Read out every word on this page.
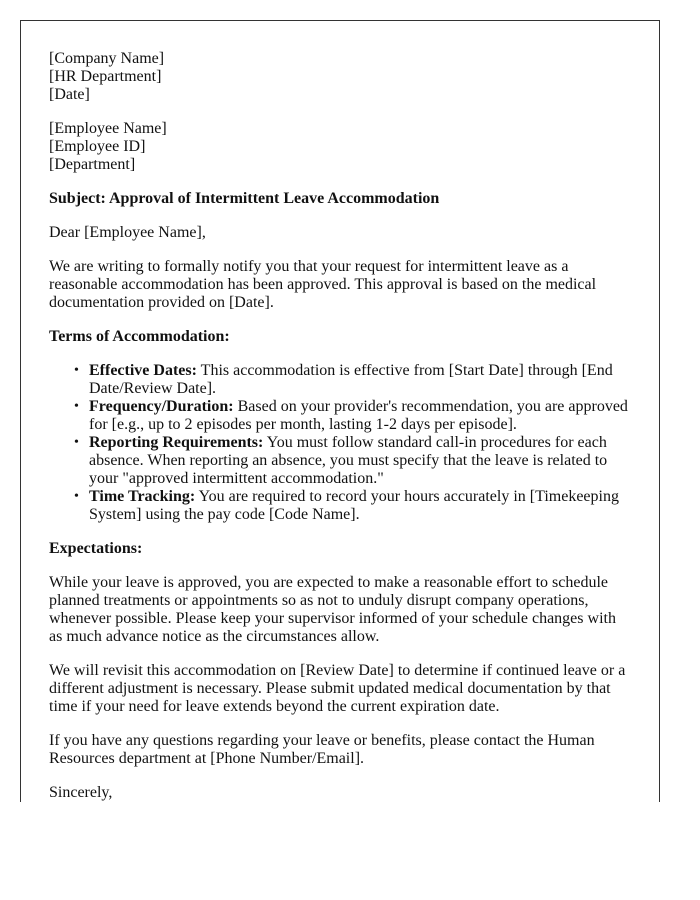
[Company Name]
[HR Department]
[Date]
[Employee Name]
[Employee ID]
[Department]
Subject: Approval of Intermittent Leave Accommodation

Dear [Employee Name],

We are writing to formally notify you that your request for intermittent leave as a reasonable accommodation has been approved. This approval is based on the medical documentation provided on [Date].

Terms of Accommodation:
• Effective Dates: This accommodation is effective from [Start Date] through [End Date/Review Date].
• Frequency/Duration: Based on your provider's recommendation, you are approved for [e.g., up to 2 episodes per month, lasting 1-2 days per episode].
• Reporting Requirements: You must follow standard call-in procedures for each absence. When reporting an absence, you must specify that the leave is related to your "approved intermittent accommodation."
• Time Tracking: You are required to record your hours accurately in [Timekeeping System] using the pay code [Code Name].
Expectations:

While your leave is approved, you are expected to make a reasonable effort to schedule planned treatments or appointments so as not to unduly disrupt company operations, whenever possible. Please keep your supervisor informed of your schedule changes with as much advance notice as the circumstances allow.

We will revisit this accommodation on [Review Date] to determine if continued leave or a different adjustment is necessary. Please submit updated medical documentation by that time if your need for leave extends beyond the current expiration date.

If you have any questions regarding your leave or benefits, please contact the Human Resources department at [Phone Number/Email].

Sincerely,
